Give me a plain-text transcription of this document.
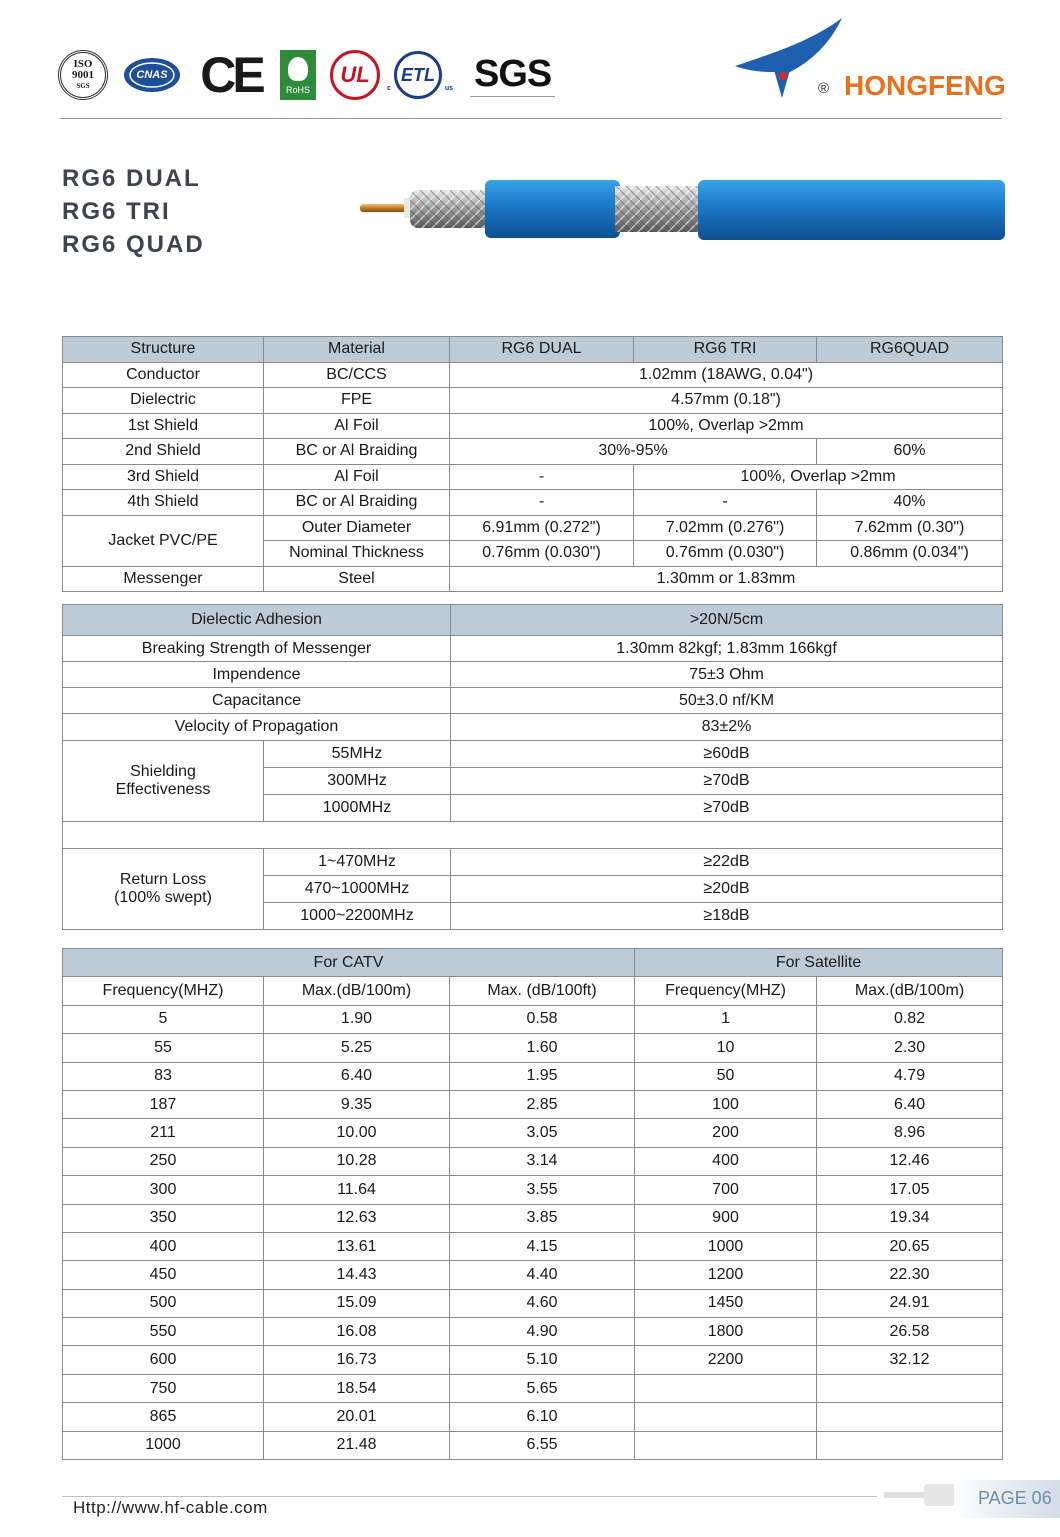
ISO
9001
SGS
CNAS CE	RoHS
UL
c
ETL
us SGS	® HONGFENG
RG6 DUAL
RG6 TRI
RG6 QUAD
Structure	Material	RG6 DUAL	RG6 TRI	RG6QUAD
Conductor	BC/CCS	1.02mm (18AWG, 0.04")		
Dielectric	FPE	4.57mm (0.18")		
1st Shield	Al Foil	100%, Overlap >2mm		
2nd Shield	BC or Al Braiding	30%-95%		60%
3rd Shield	Al Foil	-	100%, Overlap >2mm	
4th Shield	BC or Al Braiding	-	-	40%
Jacket PVC/PE	Outer Diameter	6.91mm (0.272")	7.02mm (0.276")	7.62mm (0.30")
	Nominal Thickness	0.76mm (0.030")	0.76mm (0.030")	0.86mm (0.034")
Messenger	Steel	1.30mm or 1.83mm		
Dielectic Adhesion		>20N/5cm
Breaking Strength of Messenger		1.30mm 82kgf; 1.83mm 166kgf
Impendence		75±3 Ohm
Capacitance		50±3.0 nf/KM
Velocity of Propagation		83±2%

Shielding
Effectiveness	55MHz	≥60dB
	300MHz	≥70dB
	1000MHz	≥70dB

Return Loss
(100% swept)	1~470MHz	≥22dB
	470~1000MHz	≥20dB
	1000~2200MHz	≥18dB
For CATV			For Satellite	
Frequency(MHZ)	Max.(dB/100m)	Max. (dB/100ft)	Frequency(MHZ)	Max.(dB/100m)
5	1.90	0.58	1	0.82
55	5.25	1.60	10	2.30
83	6.40	1.95	50	4.79
187	9.35	2.85	100	6.40
211	10.00	3.05	200	8.96
250	10.28	3.14	400	12.46
300	11.64	3.55	700	17.05
350	12.63	3.85	900	19.34
400	13.61	4.15	1000	20.65
450	14.43	4.40	1200	22.30
500	15.09	4.60	1450	24.91
550	16.08	4.90	1800	26.58
600	16.73	5.10	2200	32.12
750	18.54	5.65		
865	20.01	6.10		
1000	21.48	6.55		
Http://www.hf-cable.com	PAGE 06
